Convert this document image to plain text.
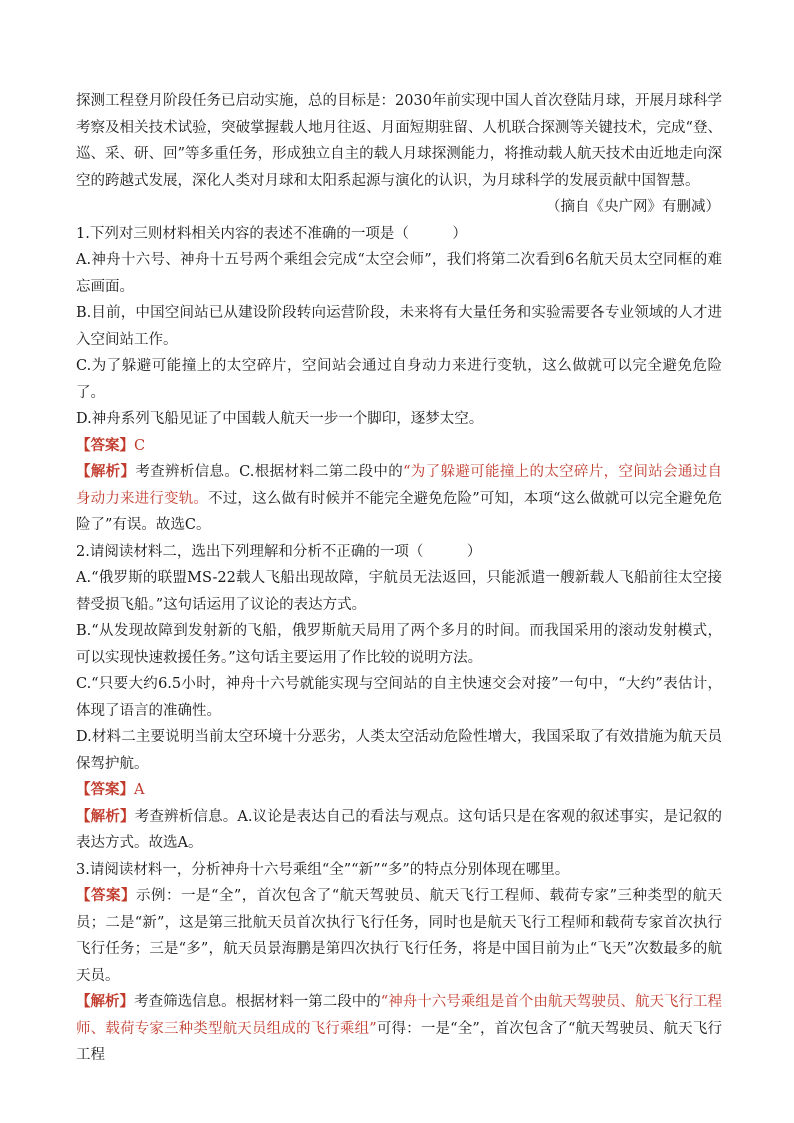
探测工程登月阶段任务已启动实施，总的目标是：2030年前实现中国人首次登陆月球，开展月球科学考察及相关技术试验，突破掌握载人地月往返、月面短期驻留、人机联合探测等关键技术，完成“登、巡、采、研、回”等多重任务，形成独立自主的载人月球探测能力，将推动载人航天技术由近地走向深空的跨越式发展，深化人类对月球和太阳系起源与演化的认识，为月球科学的发展贡献中国智慧。

（摘自《央广网》有删减）

1.下列对三则材料相关内容的表述不准确的一项是（　　　）

A.神舟十六号、神舟十五号两个乘组会完成“太空会师”，我们将第二次看到6名航天员太空同框的难忘画面。

B.目前，中国空间站已从建设阶段转向运营阶段，未来将有大量任务和实验需要各专业领域的人才进入空间站工作。

C.为了躲避可能撞上的太空碎片，空间站会通过自身动力来进行变轨，这么做就可以完全避免危险了。

D.神舟系列飞船见证了中国载人航天一步一个脚印，逐梦太空。

【答案】C

【解析】考查辨析信息。C.根据材料二第二段中的“为了躲避可能撞上的太空碎片，空间站会通过自身动力来进行变轨。不过，这么做有时候并不能完全避免危险”可知，本项“这么做就可以完全避免危险了”有误。故选C。

2.请阅读材料二，选出下列理解和分析不正确的一项（　　　）

A.“俄罗斯的联盟MS-22载人飞船出现故障，宇航员无法返回，只能派遣一艘新载人飞船前往太空接替受损飞船。”这句话运用了议论的表达方式。

B.“从发现故障到发射新的飞船，俄罗斯航天局用了两个多月的时间。而我国采用的滚动发射模式，可以实现快速救援任务。”这句话主要运用了作比较的说明方法。

C.“只要大约6.5小时，神舟十六号就能实现与空间站的自主快速交会对接”一句中，“大约”表估计，体现了语言的准确性。

D.材料二主要说明当前太空环境十分恶劣，人类太空活动危险性增大，我国采取了有效措施为航天员保驾护航。

【答案】A

【解析】考查辨析信息。A.议论是表达自己的看法与观点。这句话只是在客观的叙述事实，是记叙的表达方式。故选A。

3.请阅读材料一，分析神舟十六号乘组“全”“新”“多”的特点分别体现在哪里。

【答案】示例：一是“全”，首次包含了“航天驾驶员、航天飞行工程师、载荷专家”三种类型的航天员；二是“新”，这是第三批航天员首次执行飞行任务，同时也是航天飞行工程师和载荷专家首次执行飞行任务；三是“多”，航天员景海鹏是第四次执行飞行任务，将是中国目前为止“飞天”次数最多的航天员。

【解析】考查筛选信息。根据材料一第二段中的“神舟十六号乘组是首个由航天驾驶员、航天飞行工程师、载荷专家三种类型航天员组成的飞行乘组”可得：一是“全”，首次包含了“航天驾驶员、航天飞行工程
